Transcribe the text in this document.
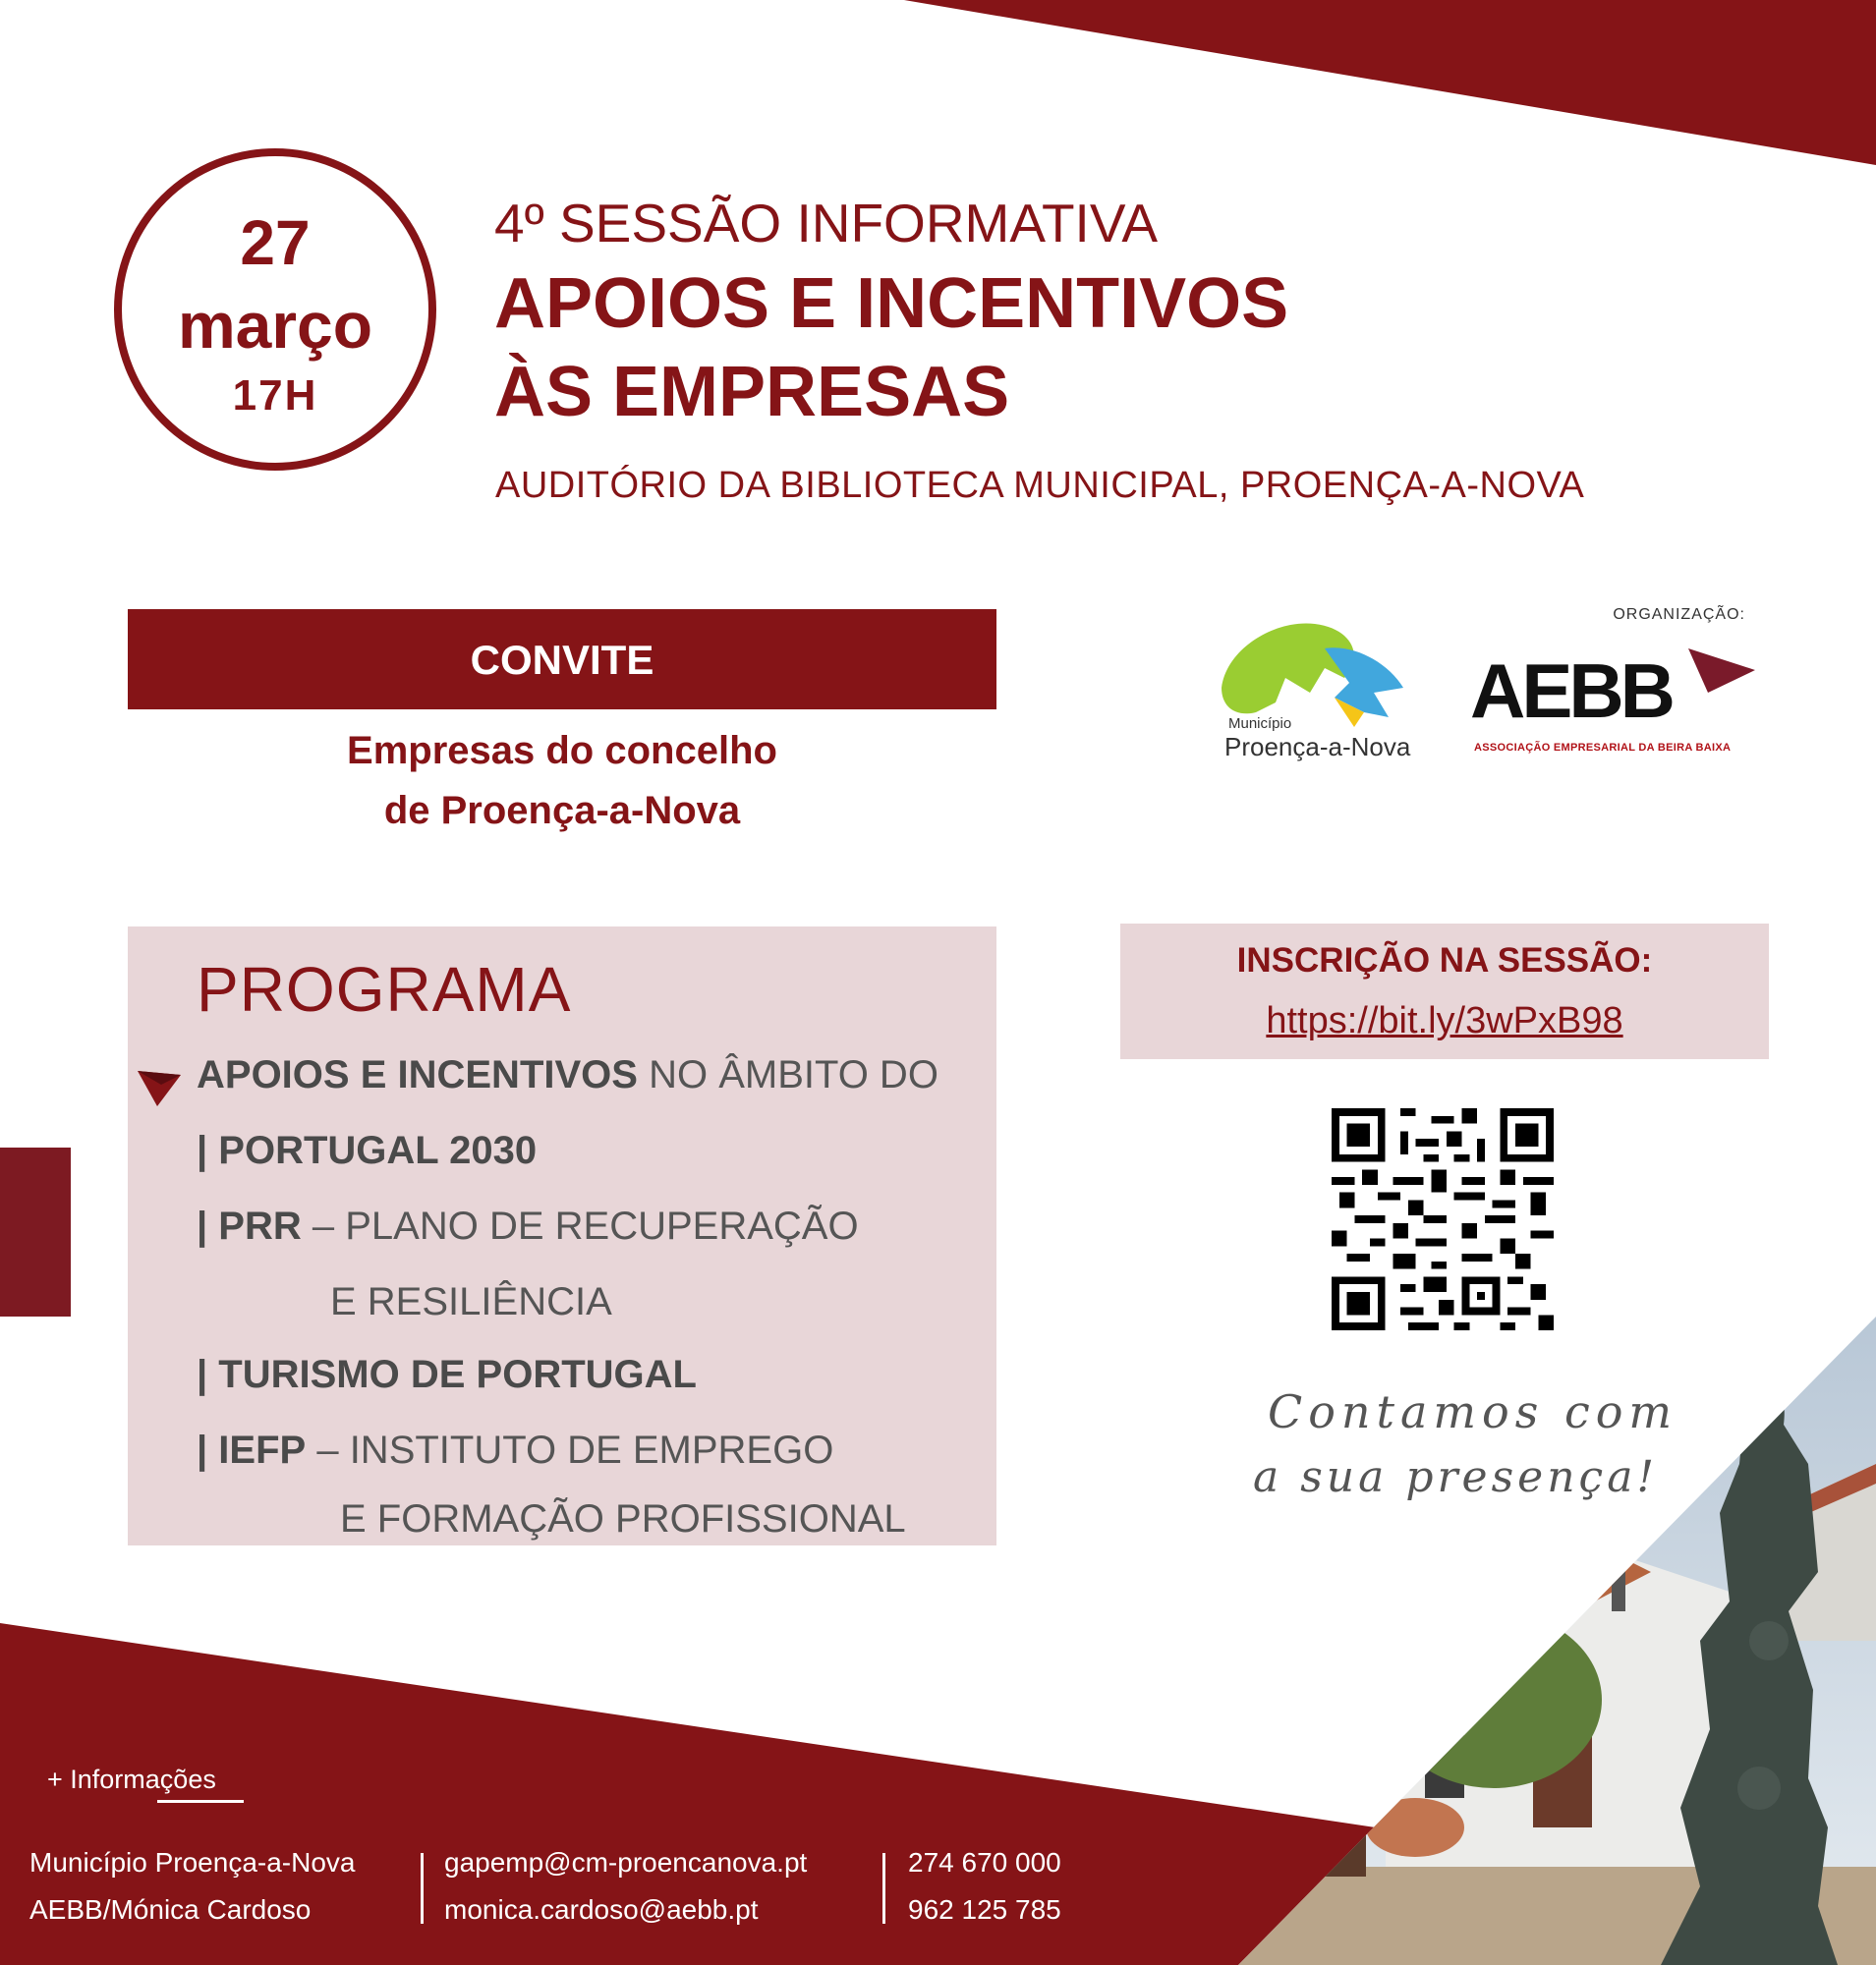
27
março
17H
4º SESSÃO INFORMATIVA
APOIOS E INCENTIVOS
ÀS EMPRESAS
AUDITÓRIO DA BIBLIOTECA MUNICIPAL, PROENÇA-A-NOVA
CONVITE
Empresas do concelho
de Proença-a-Nova
ORGANIZAÇÃO:
Município
Proença-a-Nova
AEBB
ASSOCIAÇÃO EMPRESARIAL DA BEIRA BAIXA
PROGRAMA
APOIOS E INCENTIVOS NO ÂMBITO DO
| PORTUGAL 2030
| PRR – PLANO DE RECUPERAÇÃO
E RESILIÊNCIA
| TURISMO DE PORTUGAL
| IEFP – INSTITUTO DE EMPREGO
E FORMAÇÃO PROFISSIONAL
INSCRIÇÃO NA SESSÃO:
https://bit.ly/3wPxB98
Contamos com
a sua presença!
+ Informações
Município Proença-a-Nova
AEBB/Mónica Cardoso
gapemp@cm-proencanova.pt
monica.cardoso@aebb.pt
274 670 000
962 125 785
